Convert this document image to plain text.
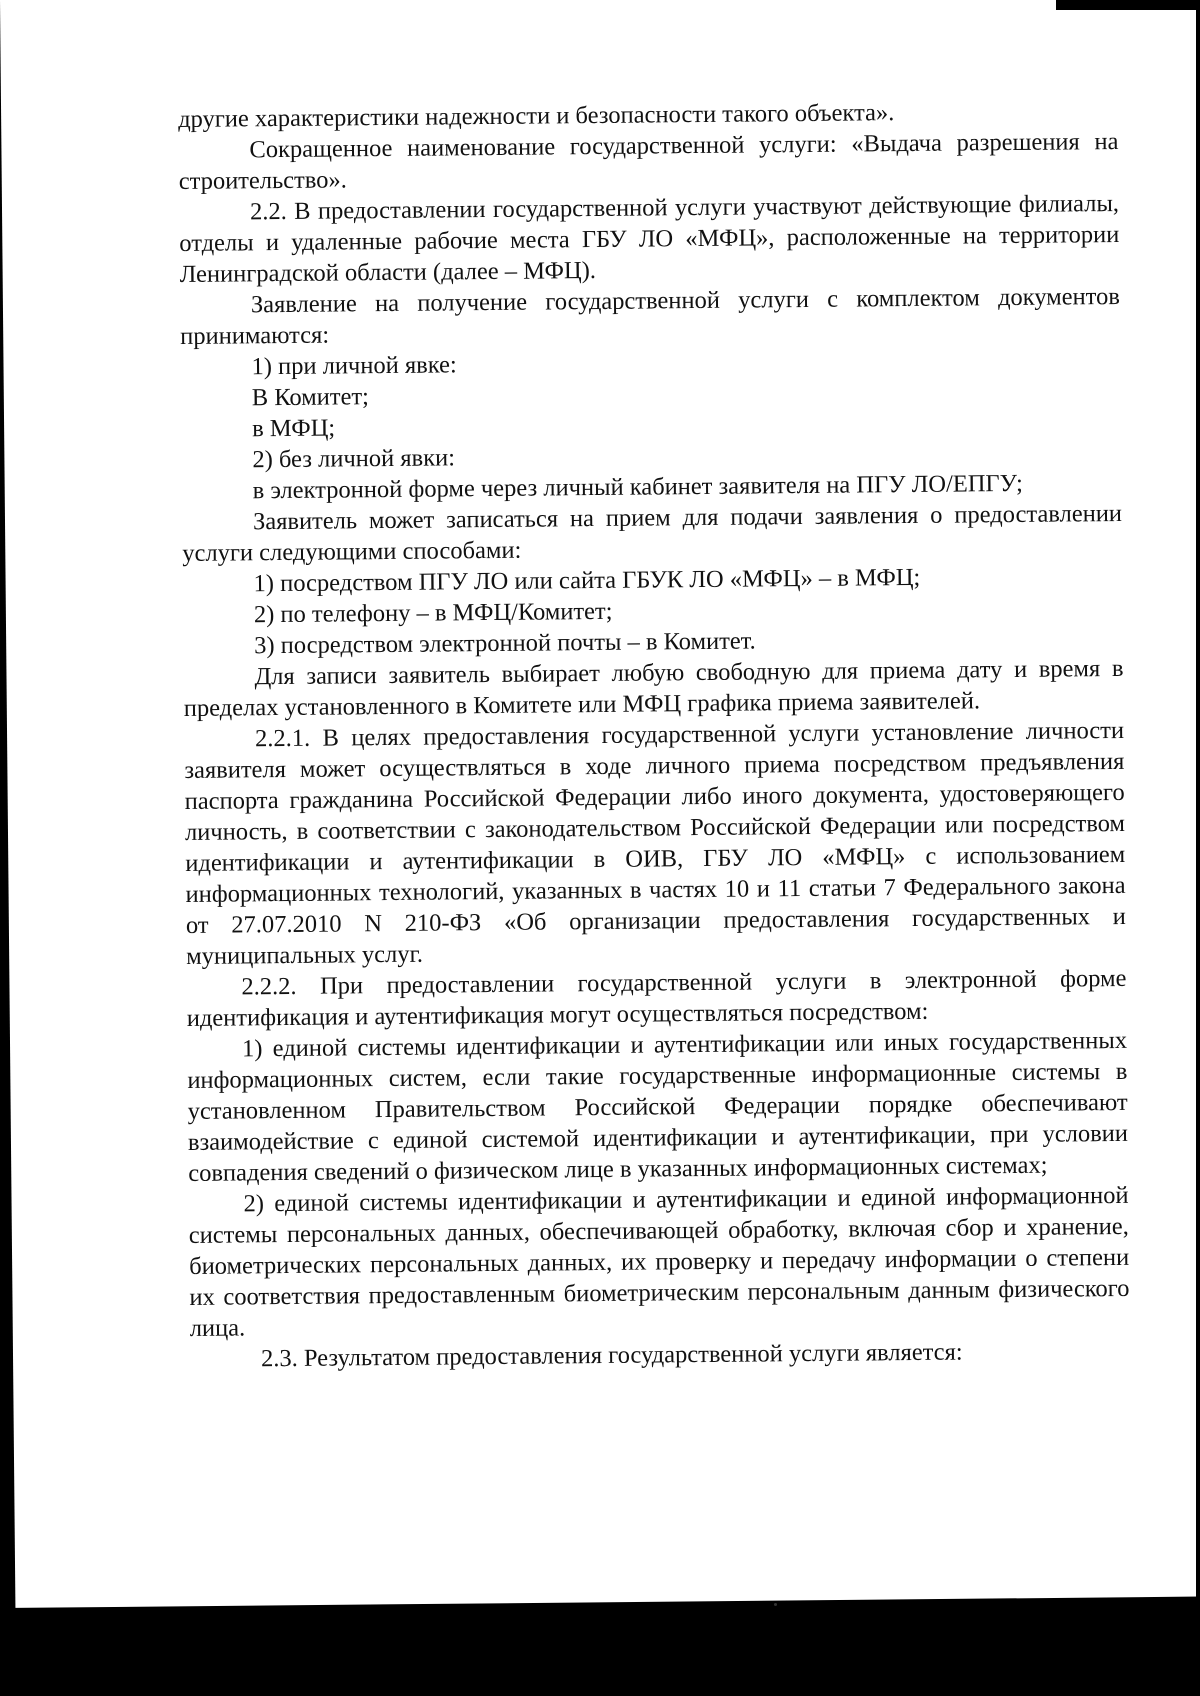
другие характеристики надежности и безопасности такого объекта».

Сокращенное наименование государственной услуги: «Выдача разрешения на строительство».

2.2. В предоставлении государственной услуги участвуют действующие филиалы, отделы и удаленные рабочие места ГБУ ЛО «МФЦ», расположенные на территории Ленинградской области (далее – МФЦ).

Заявление на получение государственной услуги с комплектом документов принимаются:

1) при личной явке:

В Комитет;

в МФЦ;

2) без личной явки:

в электронной форме через личный кабинет заявителя на ПГУ ЛО/ЕПГУ;

Заявитель может записаться на прием для подачи заявления о предоставлении услуги следующими способами:

1) посредством ПГУ ЛО или сайта ГБУК ЛО «МФЦ» – в МФЦ;

2) по телефону – в МФЦ/Комитет;

3) посредством электронной почты – в Комитет.

Для записи заявитель выбирает любую свободную для приема дату и время в пределах установленного в Комитете или МФЦ графика приема заявителей.

2.2.1. В целях предоставления государственной услуги установление личности заявителя может осуществляться в ходе личного приема посредством предъявления паспорта гражданина Российской Федерации либо иного документа, удостоверяющего личность, в соответствии с законодательством Российской Федерации или посредством идентификации и аутентификации в ОИВ, ГБУ ЛО «МФЦ» с использованием информационных технологий, указанных в частях 10 и 11 статьи 7 Федерального закона от 27.07.2010 N 210-ФЗ «Об организации предоставления государственных и муниципальных услуг.

2.2.2. При предоставлении государственной услуги в электронной форме идентификация и аутентификация могут осуществляться посредством:

1) единой системы идентификации и аутентификации или иных государственных информационных систем, если такие государственные информационные системы в установленном Правительством Российской Федерации порядке обеспечивают взаимодействие с единой системой идентификации и аутентификации, при условии совпадения сведений о физическом лице в указанных информационных системах;

2) единой системы идентификации и аутентификации и единой информационной системы персональных данных, обеспечивающей обработку, включая сбор и хранение, биометрических персональных данных, их проверку и передачу информации о степени их соответствия предоставленным биометрическим персональным данным физического лица.

2.3. Результатом предоставления государственной услуги является:
